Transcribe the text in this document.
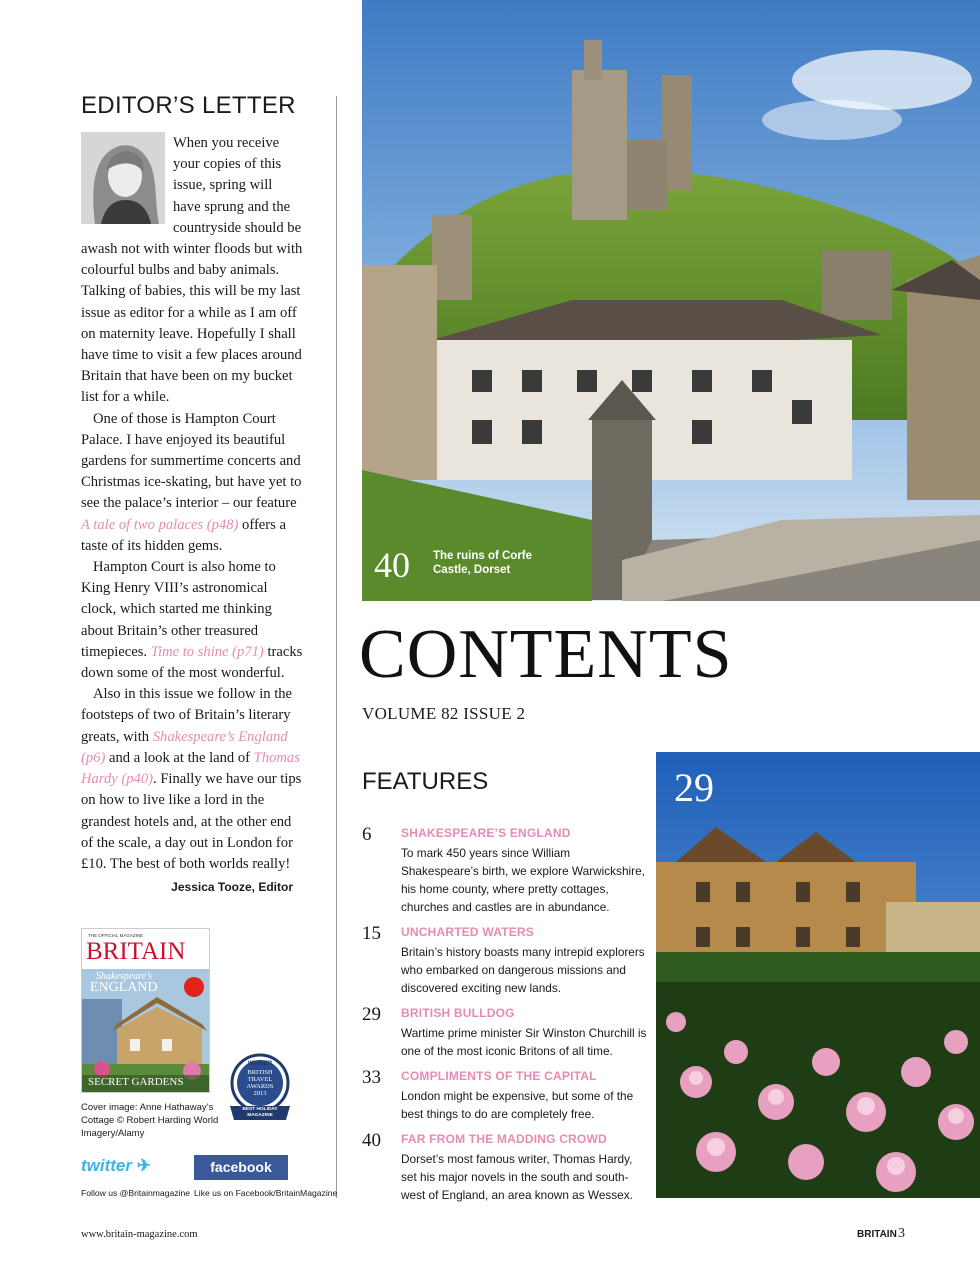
EDITOR’S LETTER

When you receive your copies of this issue, spring will have sprung and the countryside should be awash not with winter floods but with colourful bulbs and baby animals. Talking of babies, this will be my last issue as editor for a while as I am off on maternity leave. Hopefully I shall have time to visit a few places around Britain that have been on my bucket list for a while.

One of those is Hampton Court Palace. I have enjoyed its beautiful gardens for summertime concerts and Christmas ice-skating, but have yet to see the palace’s interior – our feature A tale of two palaces (p48) offers a taste of its hidden gems.

Hampton Court is also home to King Henry VIII’s astronomical clock, which started me thinking about Britain’s other treasured timepieces. Time to shine (p71) tracks down some of the most wonderful.

Also in this issue we follow in the footsteps of two of Britain’s literary greats, with Shakespeare’s England (p6) and a look at the land of Thomas Hardy (p40). Finally we have our tips on how to live like a lord in the grandest hotels and, at the other end of the scale, a day out in London for £10. The best of both worlds really!

Jessica Tooze, Editor
THE OFFICIAL MAGAZINE
BRITAIN
Shakespeare’s
ENGLAND
SECRET GARDENS
Cover image: Anne Hathaway’s Cottage © Robert Harding World Imagery/Alamy
WINNER
BRITISH TRAVEL AWARDS 2013
BEST HOLIDAY MAGAZINE
twitter ✈
Follow us @Britainmagazine
facebook
Like us on Facebook/BritainMagazine
40 The ruins of Corfe Castle, Dorset
CONTENTS
VOLUME 82 ISSUE 2
FEATURES
6 SHAKESPEARE’S ENGLAND
To mark 450 years since William Shakespeare’s birth, we explore Warwickshire, his home county, where pretty cottages, churches and castles are in abundance.
15 UNCHARTED WATERS
Britain’s history boasts many intrepid explorers who embarked on dangerous missions and discovered exciting new lands.
29 BRITISH BULLDOG
Wartime prime minister Sir Winston Churchill is one of the most iconic Britons of all time.
33 COMPLIMENTS OF THE CAPITAL
London might be expensive, but some of the best things to do are completely free.
40 FAR FROM THE MADDING CROWD
Dorset’s most famous writer, Thomas Hardy, set his major novels in the south and south-west of England, an area known as Wessex.
29
www.britain-magazine.com	BRITAIN 3
